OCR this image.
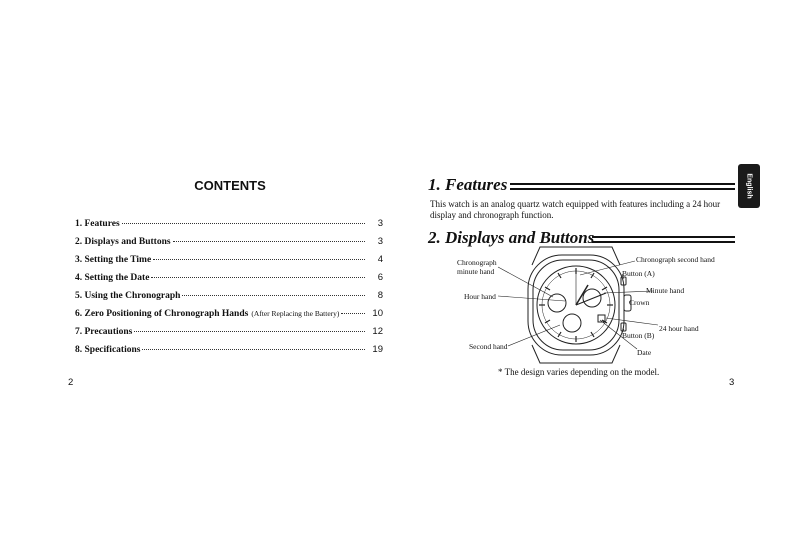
CONTENTS
1. Features	3
2. Displays and Buttons	3
3. Setting the Time	4
4. Setting the Date	6
5. Using the Chronograph	8
6. Zero Positioning of Chronograph Hands (After Replacing the Battery)	10
7. Precautions	12
8. Specifications	19
2
English
1. Features
This watch is an analog quartz watch equipped with features including a 24 hour
display and chronograph function.
2. Displays and Buttons
Chronograph
minute hand
Hour hand
Second hand
Chronograph second hand
Button (A)
Minute hand
Crown
24 hour hand
Button (B)
Date
* The design varies depending on the model.
3
